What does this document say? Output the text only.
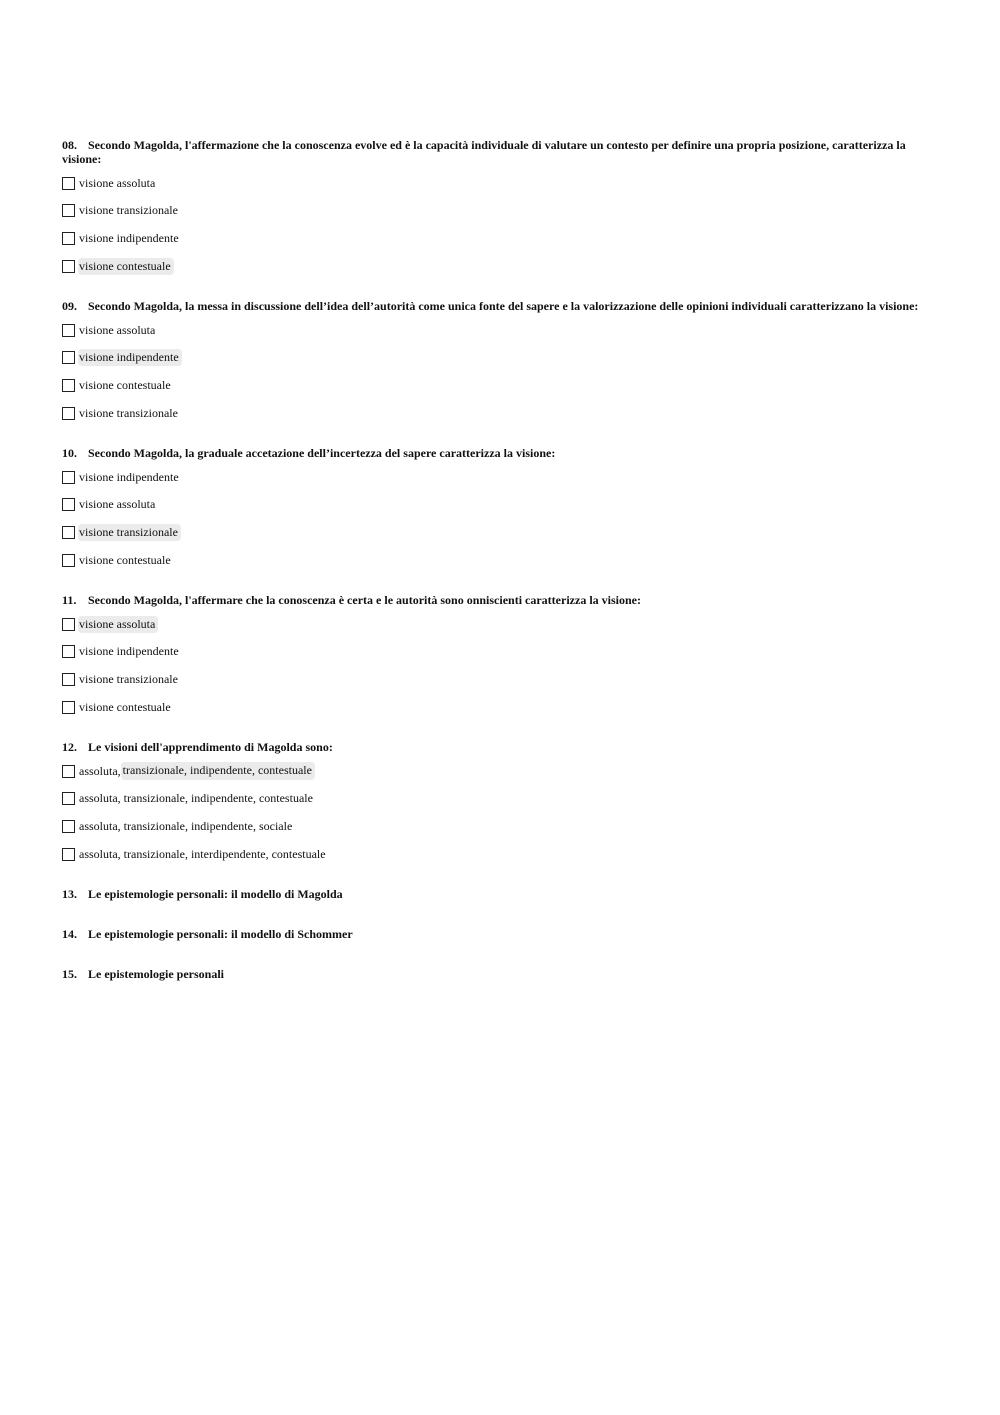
08. Secondo Magolda, l'affermazione che la conoscenza evolve ed è la capacità individuale di valutare un contesto per definire una propria posizione, caratterizza la visione:

visione assoluta
visione transizionale
visione indipendente
visione contestuale

09. Secondo Magolda, la messa in discussione dell’idea dell’autorità come unica fonte del sapere e la valorizzazione delle opinioni individuali caratterizzano la visione:

visione assoluta
visione indipendente
visione contestuale
visione transizionale

10. Secondo Magolda, la graduale accetazione dell’incertezza del sapere caratterizza la visione:

visione indipendente
visione assoluta
visione transizionale
visione contestuale

11. Secondo Magolda, l'affermare che la conoscenza è certa e le autorità sono onniscienti caratterizza la visione:

visione assoluta
visione indipendente
visione transizionale
visione contestuale

12. Le visioni dell'apprendimento di Magolda sono:

assoluta, transizionale, indipendente, contestuale
assoluta, transizionale, indipendente, contestuale
assoluta, transizionale, indipendente, sociale
assoluta, transizionale, interdipendente, contestuale
13. Le epistemologie personali: il modello di Magolda
14. Le epistemologie personali: il modello di Schommer
15. Le epistemologie personali
